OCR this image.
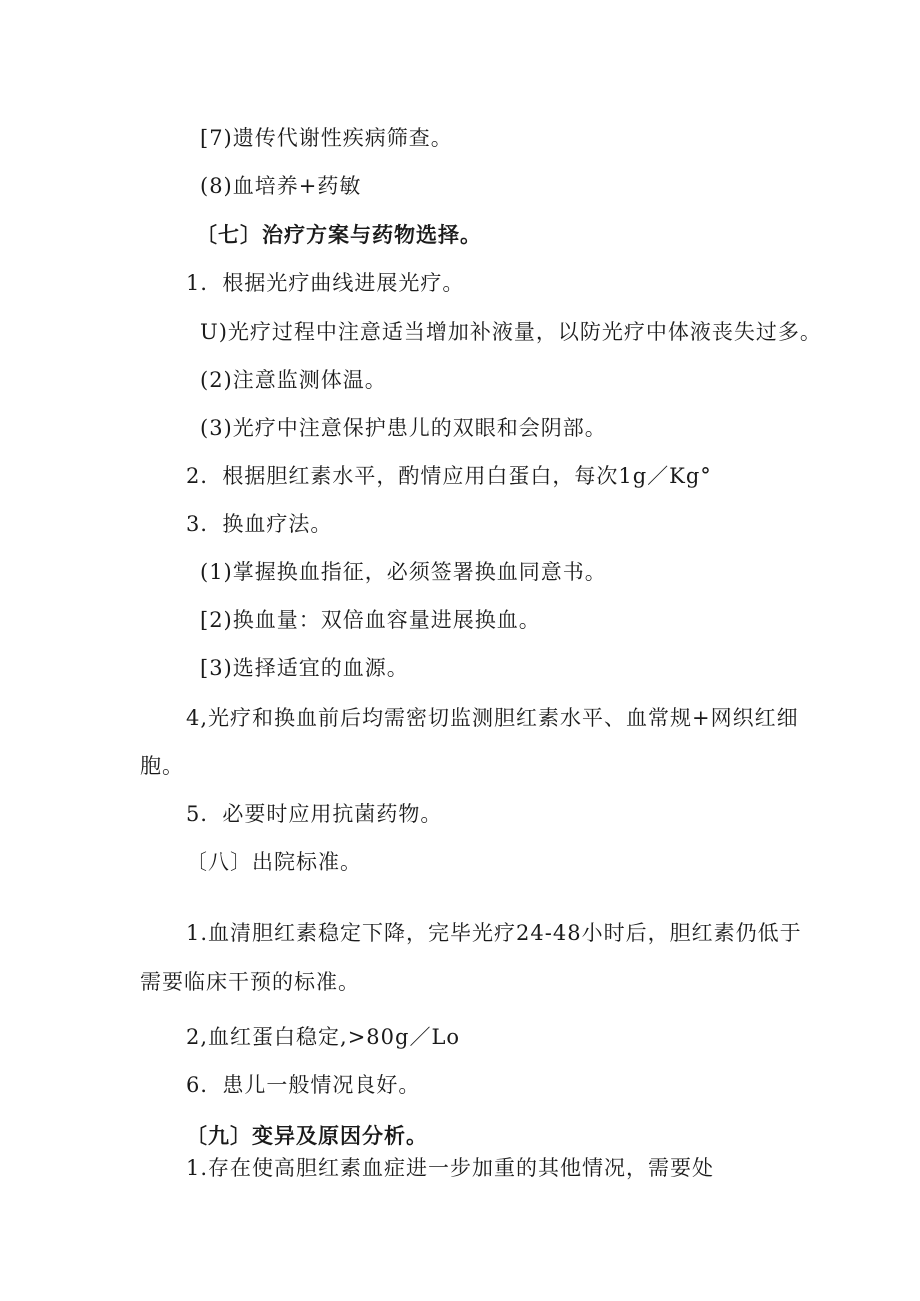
[7)遗传代谢性疾病筛查。
(8)血培养+药敏
〔七〕治疗方案与药物选择。
1．根据光疗曲线进展光疗。
U)光疗过程中注意适当增加补液量，以防光疗中体液丧失过多。
(2)注意监测体温。
(3)光疗中注意保护患儿的双眼和会阴部。
2．根据胆红素水平，酌情应用白蛋白，每次1g／Kg°
3．换血疗法。
(1)掌握换血指征，必须签署换血同意书。
[2)换血量：双倍血容量进展换血。
[3)选择适宜的血源。
4,光疗和换血前后均需密切监测胆红素水平、血常规+网织红细
胞。
5．必要时应用抗菌药物。
〔八〕出院标准。
1.血清胆红素稳定下降，完毕光疗24-48小时后，胆红素仍低于
需要临床干预的标准。
2,血红蛋白稳定,>80g／Lo
6．患儿一般情况良好。
〔九〕变异及原因分析。
1.存在使高胆红素血症进一步加重的其他情况，需要处
